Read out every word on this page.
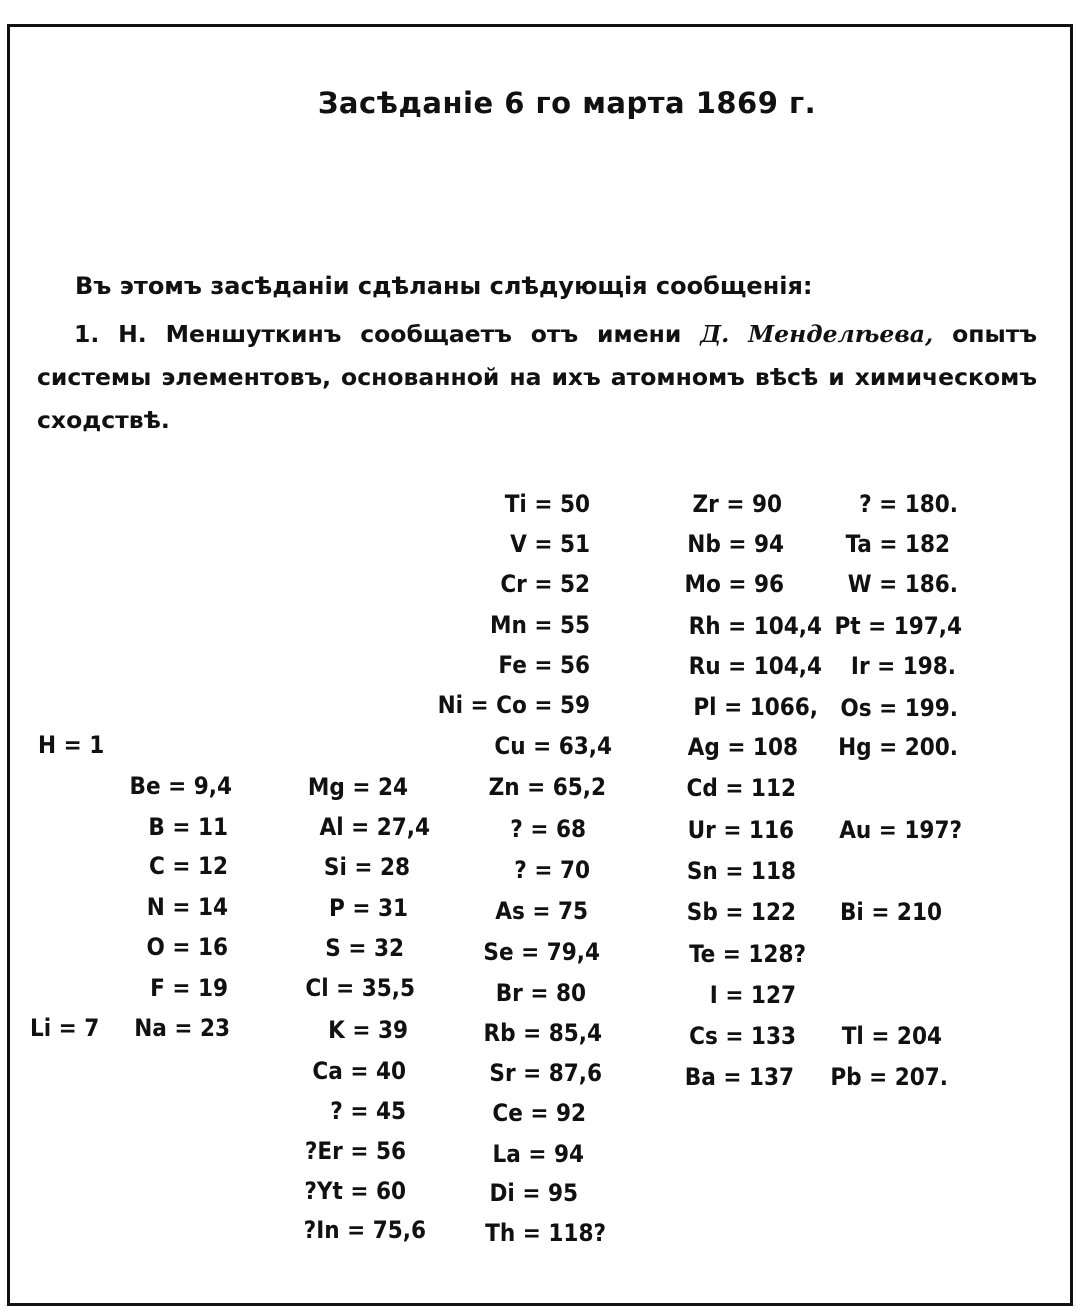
Засѣданіе 6 го марта 1869 г.
Въ этомъ засѣданіи сдѣланы слѣдующія сообщенія:
1. Н. Меншуткинъ сообщаетъ отъ имени Д. Менделѣева, опытъ системы элементовъ, основанной на ихъ атомномъ вѣсѣ и химическомъ сходствѣ.
H = 1
Li = 7
Be = 9,4
B = 11
C = 12
N = 14
O = 16
F = 19
Na = 23
Mg = 24
Al = 27,4
Si = 28
P = 31
S = 32
Cl = 35,5
K = 39
Ca = 40
? = 45
?Er = 56
?Yt = 60
?In = 75,6
Ti = 50
V = 51
Cr = 52
Mn = 55
Fe = 56
Ni = Co = 59
Cu = 63,4
Zn = 65,2
? = 68
? = 70
As = 75
Se = 79,4
Br = 80
Rb = 85,4
Sr = 87,6
Ce = 92
La = 94
Di = 95
Th = 118?
Zr = 90
Nb = 94
Mo = 96
Rh = 104,4
Ru = 104,4
Pl = 1066,
Ag = 108
Cd = 112
Ur = 116
Sn = 118
Sb = 122
Te = 128?
I = 127
Cs = 133
Ba = 137
? = 180.
Ta = 182
W = 186.
Pt = 197,4
Ir = 198.
Os = 199.
Hg = 200.
Au = 197?
Bi = 210
Tl = 204
Pb = 207.
